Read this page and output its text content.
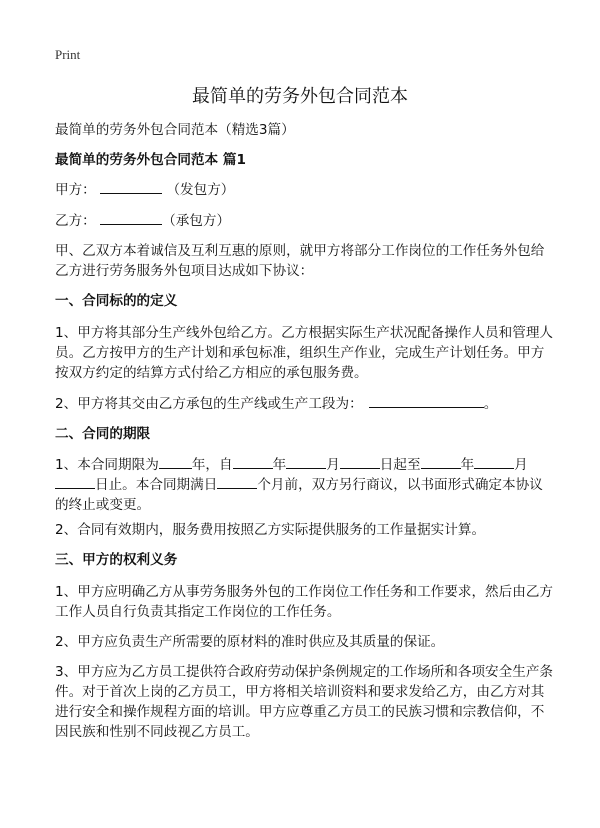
Print
最简单的劳务外包合同范本
最简单的劳务外包合同范本（精选3篇）
最简单的劳务外包合同范本 篇1
甲方：	（发包方）
乙方：	（承包方）
甲、乙双方本着诚信及互利互惠的原则，就甲方将部分工作岗位的工作任务外包给乙方进行劳务服务外包项目达成如下协议：
一、合同标的的定义
1、甲方将其部分生产线外包给乙方。乙方根据实际生产状况配备操作人员和管理人员。乙方按甲方的生产计划和承包标准，组织生产作业，完成生产计划任务。甲方按双方约定的结算方式付给乙方相应的承包服务费。
2、甲方将其交由乙方承包的生产线或生产工段为：	。
二、合同的期限
1、本合同期限为 年，自	年	月	日起至	年	月日止。本合同期满日	个月前，双方另行商议，以书面形式确定本协议的终止或变更。
2、合同有效期内，服务费用按照乙方实际提供服务的工作量据实计算。
三、甲方的权利义务
1、甲方应明确乙方从事劳务服务外包的工作岗位工作任务和工作要求，然后由乙方工作人员自行负责其指定工作岗位的工作任务。
2、甲方应负责生产所需要的原材料的准时供应及其质量的保证。
3、甲方应为乙方员工提供符合政府劳动保护条例规定的工作场所和各项安全生产条件。对于首次上岗的乙方员工，甲方将相关培训资料和要求发给乙方，由乙方对其进行安全和操作规程方面的培训。甲方应尊重乙方员工的民族习惯和宗教信仰，不因民族和性别不同歧视乙方员工。
